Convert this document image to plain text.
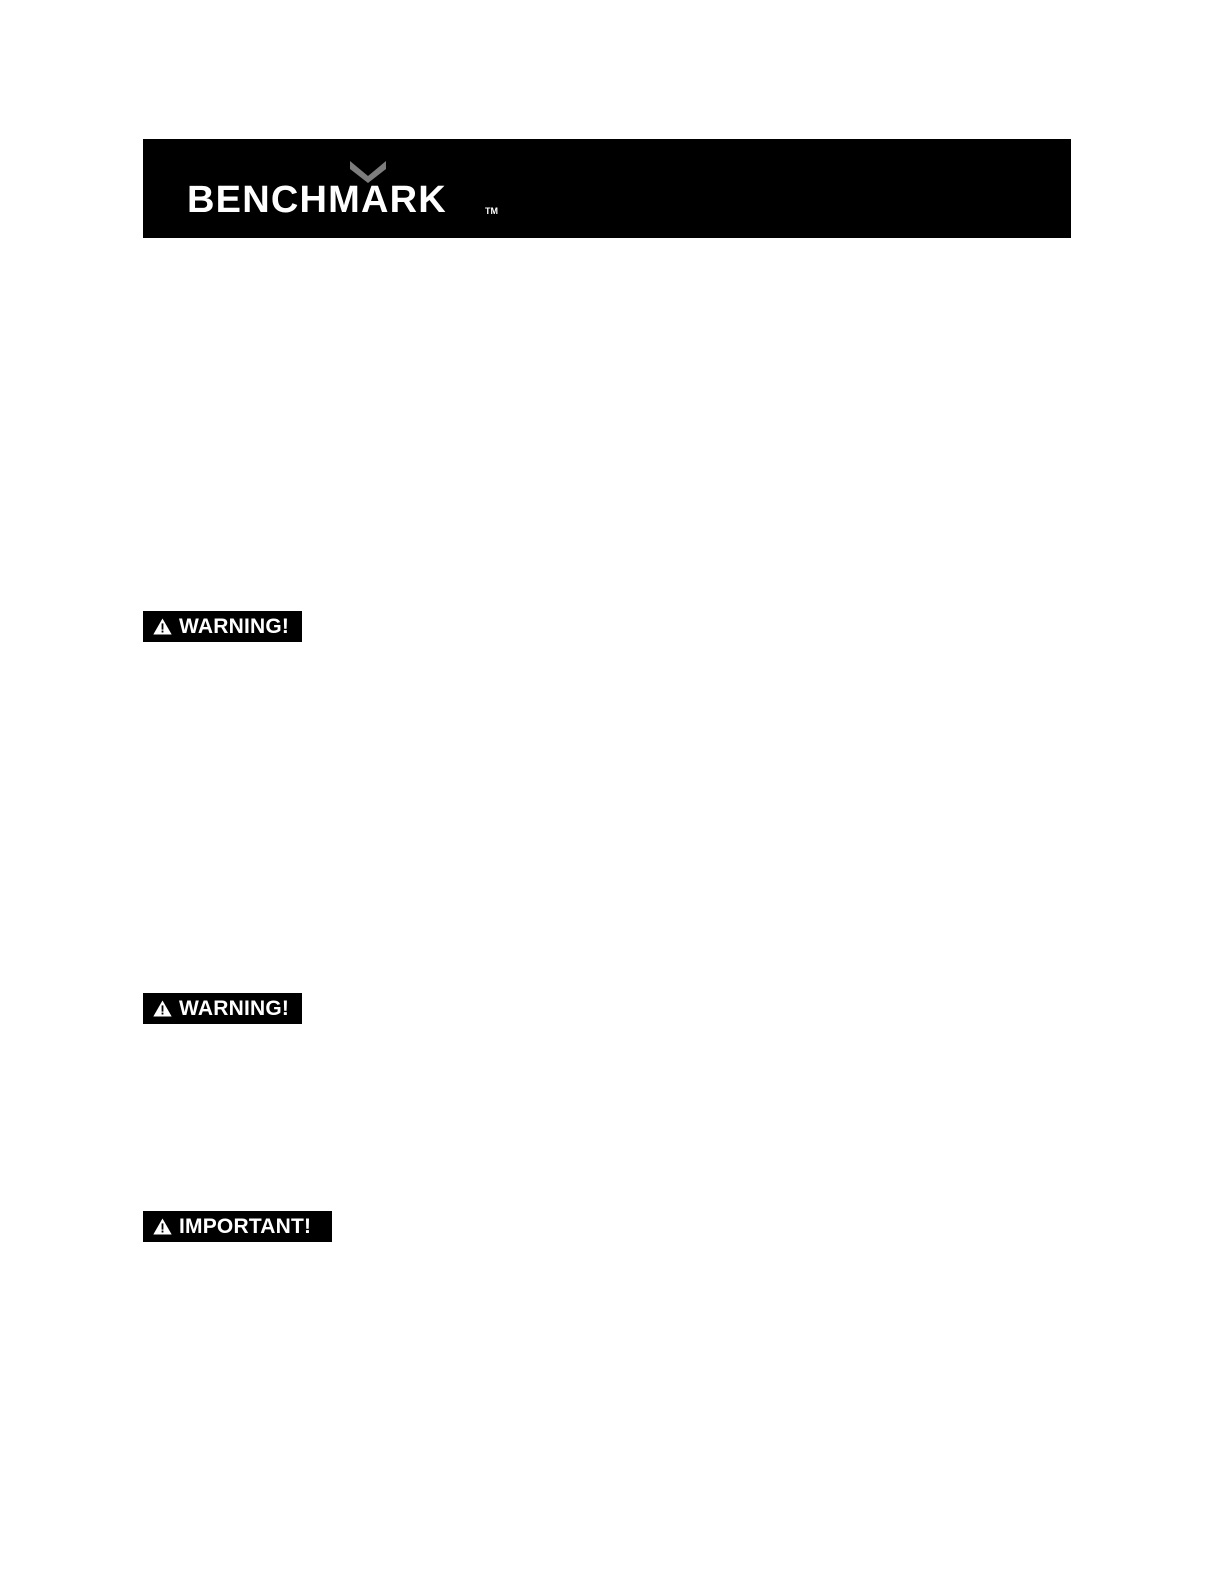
BENCHMARK	TM
WARNING!
WARNING!
IMPORTANT!
